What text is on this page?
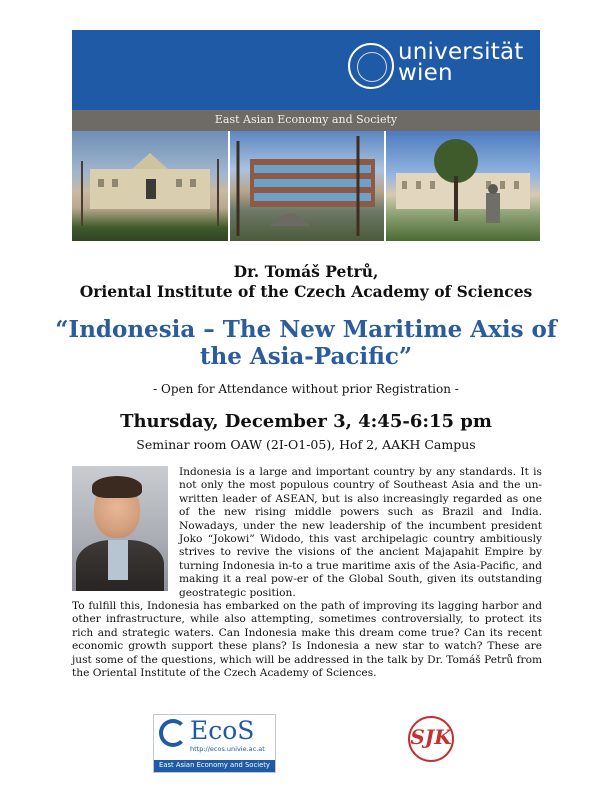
universität wien
East Asian Economy and Society
Dr. Tomáš Petrů,
Oriental Institute of the Czech Academy of Sciences
“Indonesia – The New Maritime Axis of the Asia-Pacific”
- Open for Attendance without prior Registration -
Thursday, December 3, 4:45-6:15 pm
Seminar room OAW (2I-O1-05), Hof 2, AAKH Campus
Indonesia is a large and important country by any standards. It is not only the most populous country of Southeast Asia and the un-written leader of ASEAN, but is also increasingly regarded as one of the new rising middle powers such as Brazil and India. Nowadays, under the new leadership of the incumbent president Joko “Jokowi” Widodo, this vast archipelagic country ambitiously strives to revive the visions of the ancient Majapahit Empire by turning Indonesia in-to a true maritime axis of the Asia-Pacific, and making it a real pow-er of the Global South, given its outstanding geostrategic position.
To fulfill this, Indonesia has embarked on the path of improving its lagging harbor and other infrastructure, while also attempting, sometimes controversially, to protect its rich and strategic waters. Can Indonesia make this dream come true? Can its recent economic growth support these plans? Is Indonesia a new star to watch? These are just some of the questions, which will be addressed in the talk by Dr. Tomáš Petrů from the Oriental Institute of the Czech Academy of Sciences.
EcoS
http://ecos.univie.ac.at
East Asian Economy and Society
SJK
